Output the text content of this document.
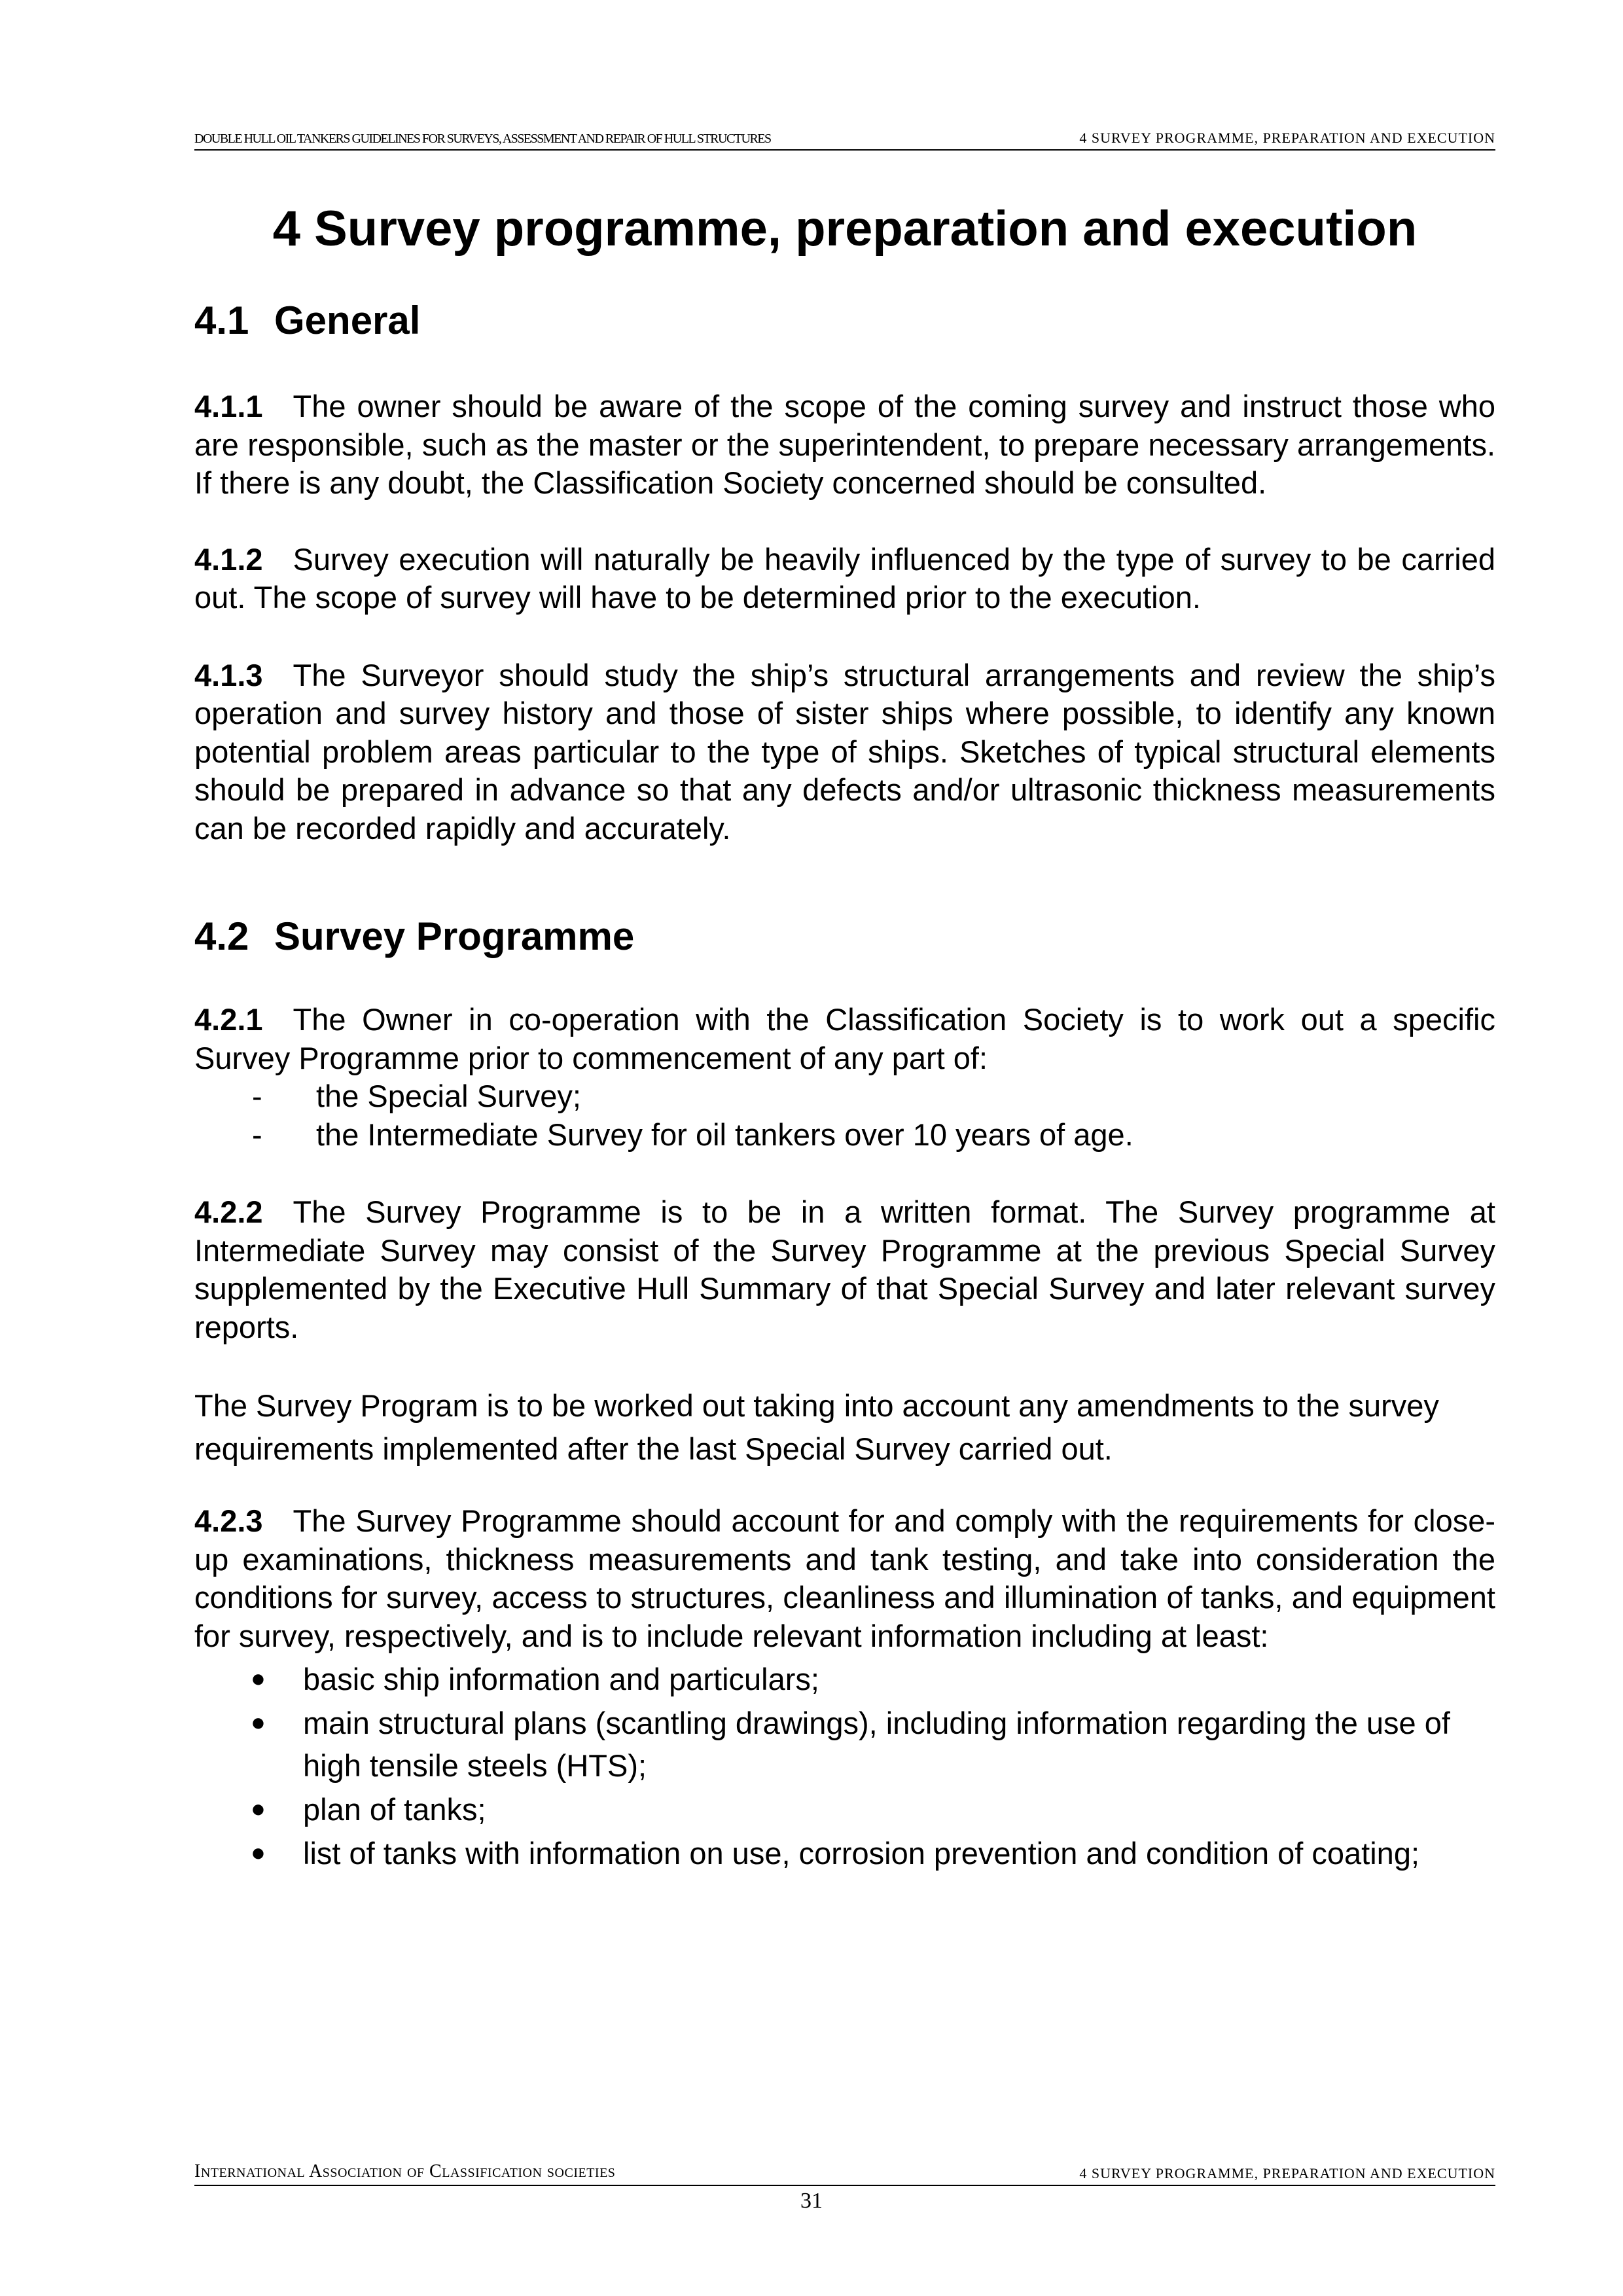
DOUBLE HULL OIL TANKERS GUIDELINES FOR SURVEYS, ASSESSMENT AND REPAIR OF HULL STRUCTURES	4 SURVEY PROGRAMME, PREPARATION AND EXECUTION
4 Survey programme, preparation and execution
4.1 General

4.1.1 The owner should be aware of the scope of the coming survey and instruct those who are responsible, such as the master or the superintendent, to prepare necessary arrangements. If there is any doubt, the Classification Society concerned should be consulted.

4.1.2 Survey execution will naturally be heavily influenced by the type of survey to be carried out. The scope of survey will have to be determined prior to the execution.

4.1.3 The Surveyor should study the ship’s structural arrangements and review the ship’s operation and survey history and those of sister ships where possible, to identify any known potential problem areas particular to the type of ships. Sketches of typical structural elements should be prepared in advance so that any defects and/or ultrasonic thickness measurements can be recorded rapidly and accurately.

4.2 Survey Programme

4.2.1 The Owner in co-operation with the Classification Society is to work out a specific Survey Programme prior to commencement of any part of:

- the Special Survey;
- the Intermediate Survey for oil tankers over 10 years of age.

4.2.2 The Survey Programme is to be in a written format. The Survey programme at Intermediate Survey may consist of the Survey Programme at the previous Special Survey supplemented by the Executive Hull Summary of that Special Survey and later relevant survey reports.

The Survey Program is to be worked out taking into account any amendments to the survey requirements implemented after the last Special Survey carried out.

4.2.3 The Survey Programme should account for and comply with the requirements for close-up examinations, thickness measurements and tank testing, and take into consideration the conditions for survey, access to structures, cleanliness and illumination of tanks, and equipment for survey, respectively, and is to include relevant information including at least:

● basic ship information and particulars;
● main structural plans (scantling drawings), including information regarding the use of high tensile steels (HTS);
● plan of tanks;
● list of tanks with information on use, corrosion prevention and condition of coating;
International Association of Classification societies	4 SURVEY PROGRAMME, PREPARATION AND EXECUTION
31
